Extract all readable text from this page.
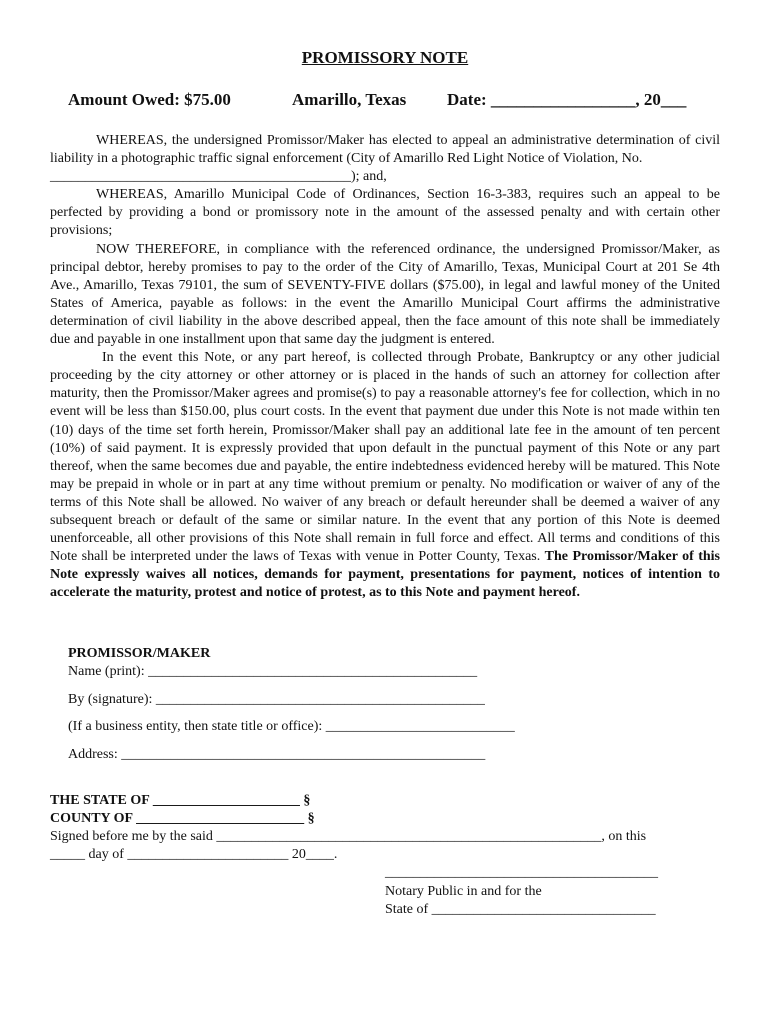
PROMISSORY NOTE
Amount Owed: $75.00	Amarillo, Texas Date: _________________, 20___

WHEREAS, the undersigned Promissor/Maker has elected to appeal an administrative determination of civil liability in a photographic traffic signal enforcement (City of Amarillo Red Light Notice of Violation, No.

___________________________________________); and,

WHEREAS, Amarillo Municipal Code of Ordinances, Section 16-3-383, requires such an appeal to be perfected by providing a bond or promissory note in the amount of the assessed penalty and with certain other provisions;

NOW THEREFORE, in compliance with the referenced ordinance, the undersigned Promissor/Maker, as principal debtor, hereby promises to pay to the order of the City of Amarillo, Texas, Municipal Court at 201 Se 4th Ave., Amarillo, Texas 79101, the sum of SEVENTY-FIVE dollars ($75.00), in legal and lawful money of the United States of America, payable as follows: in the event the Amarillo Municipal Court affirms the administrative determination of civil liability in the above described appeal, then the face amount of this note shall be immediately due and payable in one installment upon that same day the judgment is entered.

In the event this Note, or any part hereof, is collected through Probate, Bankruptcy or any other judicial proceeding by the city attorney or other attorney or is placed in the hands of such an attorney for collection after maturity, then the Promissor/Maker agrees and promise(s) to pay a reasonable attorney's fee for collection, which in no event will be less than $150.00, plus court costs. In the event that payment due under this Note is not made within ten (10) days of the time set forth herein, Promissor/Maker shall pay an additional late fee in the amount of ten percent (10%) of said payment. It is expressly provided that upon default in the punctual payment of this Note or any part thereof, when the same becomes due and payable, the entire indebtedness evidenced hereby will be matured. This Note may be prepaid in whole or in part at any time without premium or penalty. No modification or waiver of any of the terms of this Note shall be allowed. No waiver of any breach or default hereunder shall be deemed a waiver of any subsequent breach or default of the same or similar nature. In the event that any portion of this Note is deemed unenforceable, all other provisions of this Note shall remain in full force and effect. All terms and conditions of this Note shall be interpreted under the laws of Texas with venue in Potter County, Texas. The Promissor/Maker of this Note expressly waives all notices, demands for payment, presentations for payment, notices of intention to accelerate the maturity, protest and notice of protest, as to this Note and payment hereof.

PROMISSOR/MAKER
Name (print): _______________________________________________
By (signature): _______________________________________________
(If a business entity, then state title or office): ___________________________
Address: ____________________________________________________
THE STATE OF _____________________ §
COUNTY OF ________________________ §
Signed before me by the said _______________________________________________________, on this
_____ day of _______________________ 20____.
_______________________________________
Notary Public in and for the
State of ________________________________
